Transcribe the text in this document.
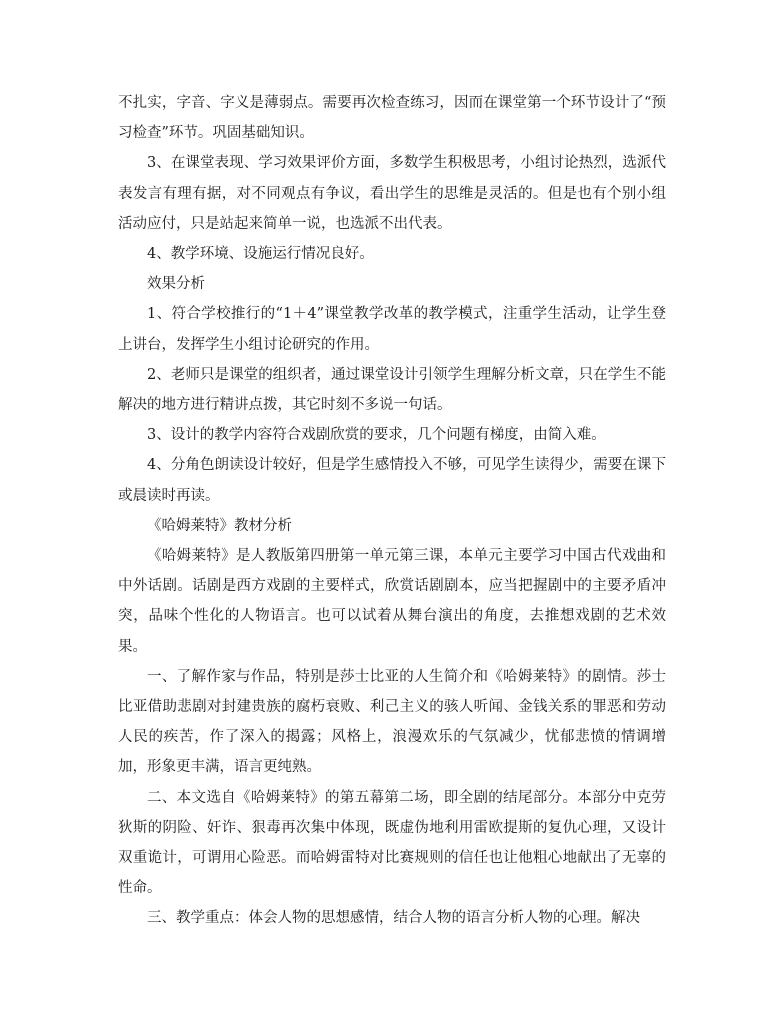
不扎实，字音、字义是薄弱点。需要再次检查练习，因而在课堂第一个环节设计了“预习检查”环节。巩固基础知识。

3、在课堂表现、学习效果评价方面，多数学生积极思考，小组讨论热烈，选派代表发言有理有据，对不同观点有争议，看出学生的思维是灵活的。但是也有个别小组活动应付，只是站起来简单一说，也选派不出代表。

4、教学环境、设施运行情况良好。

效果分析

1、符合学校推行的“1＋4”课堂教学改革的教学模式，注重学生活动，让学生登上讲台，发挥学生小组讨论研究的作用。

2、老师只是课堂的组织者，通过课堂设计引领学生理解分析文章，只在学生不能解决的地方进行精讲点拨，其它时刻不多说一句话。

3、设计的教学内容符合戏剧欣赏的要求，几个问题有梯度，由简入难。

4、分角色朗读设计较好，但是学生感情投入不够，可见学生读得少，需要在课下或晨读时再读。

《哈姆莱特》教材分析

《哈姆莱特》是人教版第四册第一单元第三课，本单元主要学习中国古代戏曲和中外话剧。话剧是西方戏剧的主要样式，欣赏话剧剧本，应当把握剧中的主要矛盾冲突，品味个性化的人物语言。也可以试着从舞台演出的角度，去推想戏剧的艺术效果。

一、了解作家与作品，特别是莎士比亚的人生简介和《哈姆莱特》的剧情。莎士比亚借助悲剧对封建贵族的腐朽衰败、利己主义的骇人听闻、金钱关系的罪恶和劳动人民的疾苦，作了深入的揭露；风格上，浪漫欢乐的气氛减少，忧郁悲愤的情调增加，形象更丰满，语言更纯熟。

二、本文选自《哈姆莱特》的第五幕第二场，即全剧的结尾部分。本部分中克劳狄斯的阴险、奸诈、狠毒再次集中体现，既虚伪地利用雷欧提斯的复仇心理，又设计双重诡计，可谓用心险恶。而哈姆雷特对比赛规则的信任也让他粗心地献出了无辜的性命。

三、教学重点：体会人物的思想感情，结合人物的语言分析人物的心理。解决
